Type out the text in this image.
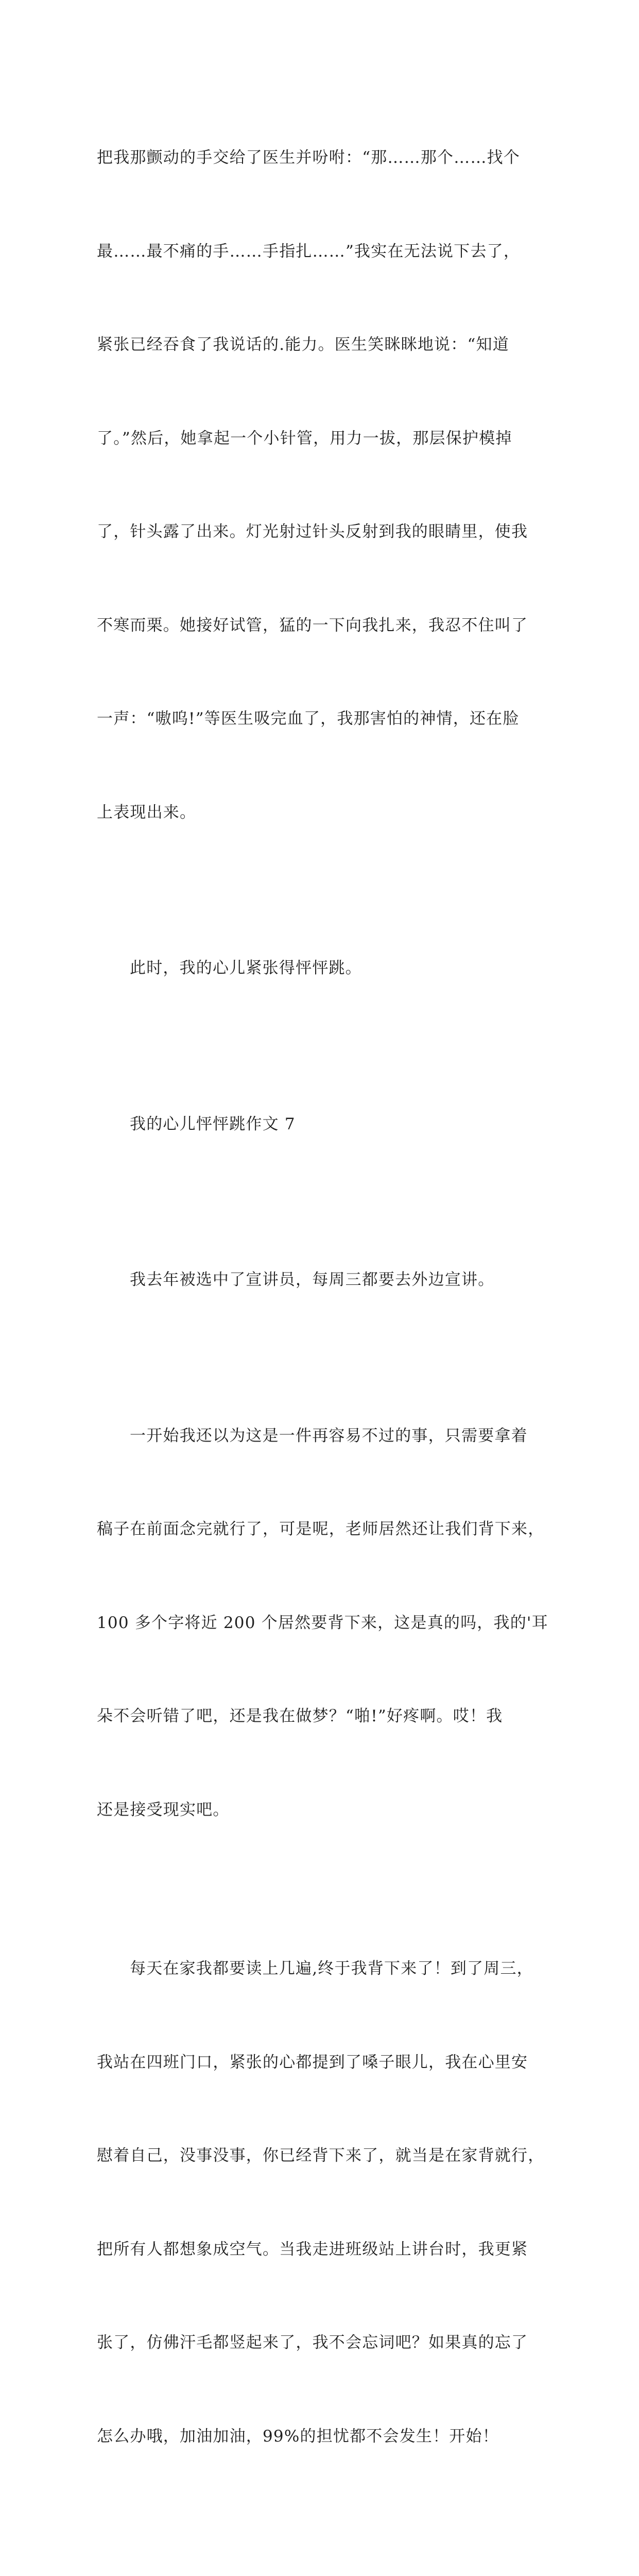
把我那颤动的手交给了医生并吩咐：“那……那个……找个

最……最不痛的手……手指扎……”我实在无法说下去了，

紧张已经吞食了我说话的.能力。医生笑眯眯地说：“知道

了。”然后，她拿起一个小针管，用力一拔，那层保护模掉

了，针头露了出来。灯光射过针头反射到我的眼睛里，使我

不寒而栗。她接好试管，猛的一下向我扎来，我忍不住叫了

一声：“嗷呜!”等医生吸完血了，我那害怕的神情，还在脸

上表现出来。

此时，我的心儿紧张得怦怦跳。

我的心儿怦怦跳作文 7

我去年被选中了宣讲员，每周三都要去外边宣讲。

一开始我还以为这是一件再容易不过的事，只需要拿着

稿子在前面念完就行了，可是呢，老师居然还让我们背下来，

100 多个字将近 200 个居然要背下来，这是真的吗，我的'耳

朵不会听错了吧，还是我在做梦？“啪!”好疼啊。哎！我

还是接受现实吧。

每天在家我都要读上几遍,终于我背下来了！到了周三，

我站在四班门口，紧张的心都提到了嗓子眼儿，我在心里安

慰着自己，没事没事，你已经背下来了，就当是在家背就行，

把所有人都想象成空气。当我走进班级站上讲台时，我更紧

张了，仿佛汗毛都竖起来了，我不会忘词吧？如果真的忘了

怎么办哦，加油加油，99%的担忧都不会发生！开始！
